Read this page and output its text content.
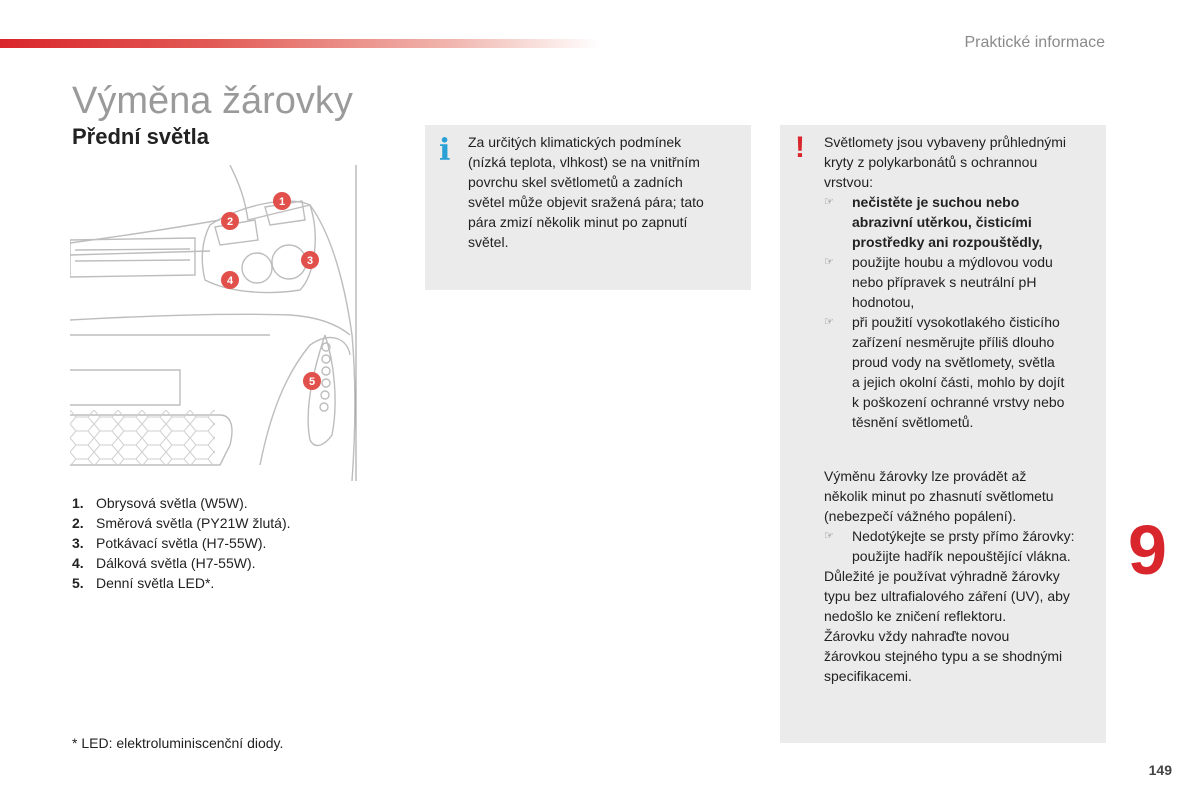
Praktické informace
Výměna žárovky
Přední světla
1
2
3
4
5
1. Obrysová světla (W5W).
2. Směrová světla (PY21W žlutá).
3. Potkávací světla (H7-55W).
4. Dálková světla (H7-55W).
5. Denní světla LED*.
* LED: elektroluminiscenční diody.
i Za určitých klimatických podmínek
(nízká teplota, vlhkost) se na vnitřním
povrchu skel světlometů a zadních
světel může objevit sražená pára; tato
pára zmizí několik minut po zapnutí
světel.
! Světlomety jsou vybaveny průhlednými
kryty z polykarbonátů s ochrannou
vrstvou:
☞ nečistěte je suchou nebo
abrazivní utěrkou, čisticími
prostředky ani rozpouštědly,
☞ použijte houbu a mýdlovou vodu
nebo přípravek s neutrální pH
hodnotou,
☞ při použití vysokotlakého čisticího
zařízení nesměrujte příliš dlouho
proud vody na světlomety, světla
a jejich okolní části, mohlo by dojít
k poškození ochranné vrstvy nebo
těsnění světlometů.
Výměnu žárovky lze provádět až
několik minut po zhasnutí světlometu
(nebezpečí vážného popálení).
☞ Nedotýkejte se prsty přímo žárovky:
použijte hadřík nepouštějící vlákna.
Důležité je používat výhradně žárovky
typu bez ultrafialového záření (UV), aby
nedošlo ke zničení reflektoru.
Žárovku vždy nahraďte novou
žárovkou stejného typu a se shodnými
specifikacemi.
9
149
